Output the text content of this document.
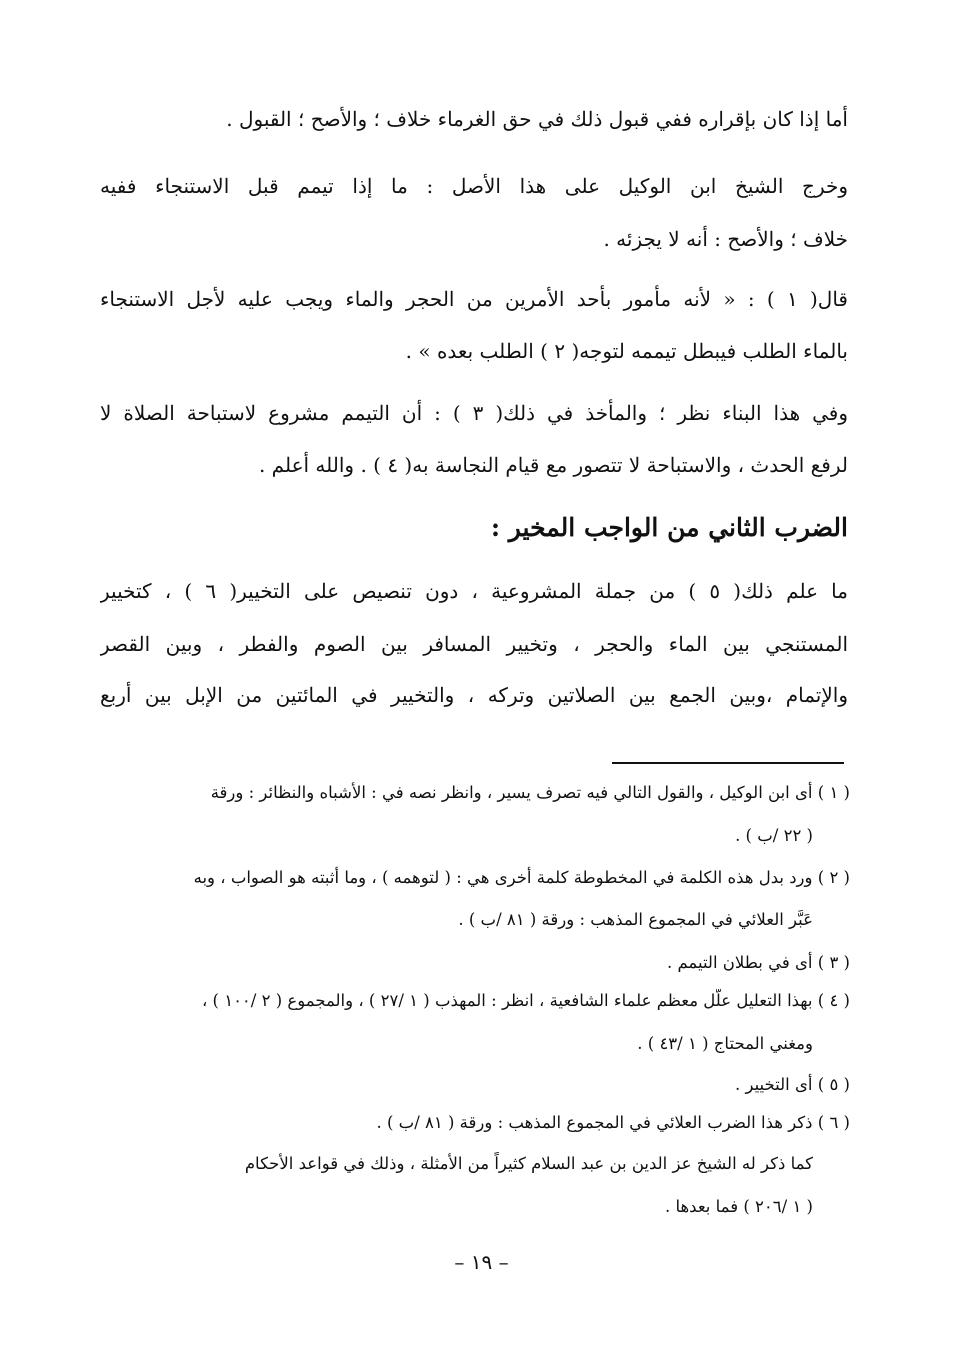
أما إذا كان بإقراره ففي قبول ذلك في حق الغرماء خلاف ؛ والأصح ؛ القبول .
وخرج الشيخ ابن الوكيل على هذا الأصل : ما إذا تيمم قبل الاستنجاء ففيه
خلاف ؛ والأصح : أنه لا يجزئه .
قال( ١ ) : « لأنه مأمور بأحد الأمرين من الحجر والماء ويجب عليه لأجل الاستنجاء
بالماء الطلب فيبطل تيممه لتوجه( ٢ ) الطلب بعده » .
وفي هذا البناء نظر ؛ والمأخذ في ذلك( ٣ ) : أن التيمم مشروع لاستباحة الصلاة لا
لرفع الحدث ، والاستباحة لا تتصور مع قيام النجاسة به( ٤ ) . والله أعلم .
الضرب الثاني من الواجب المخير :
ما علم ذلك( ٥ ) من جملة المشروعية ، دون تنصيص على التخيير( ٦ ) ، كتخيير
المستنجي بين الماء والحجر ، وتخيير المسافر بين الصوم والفطر ، وبين القصر
والإتمام ،وبين الجمع بين الصلاتين وتركه ، والتخيير في المائتين من الإبل بين أربع
( ١ ) أى ابن الوكيل ، والقول التالي فيه تصرف يسير ، وانظر نصه في : الأشباه والنظائر : ورقة
( ٢٢ /ب ) .
( ٢ ) ورد بدل هذه الكلمة في المخطوطة كلمة أخرى هي : ( لتوهمه ) ، وما أثبته هو الصواب ، وبه
عَبَّر العلائي في المجموع المذهب : ورقة ( ٨١ /ب ) .
( ٣ ) أى في بطلان التيمم .
( ٤ ) بهذا التعليل علَّل معظم علماء الشافعية ، انظر : المهذب ( ١ /٢٧ ) ، والمجموع ( ٢ /١٠٠ ) ،
ومغني المحتاج ( ١ /٤٣ ) .
( ٥ ) أى التخيير .
( ٦ ) ذكر هذا الضرب العلائي في المجموع المذهب : ورقة ( ٨١ /ب ) .
كما ذكر له الشيخ عز الدين بن عبد السلام كثيراً من الأمثلة ، وذلك في قواعد الأحكام
( ١ /٢٠٦ ) فما بعدها .
– ١٩ –
